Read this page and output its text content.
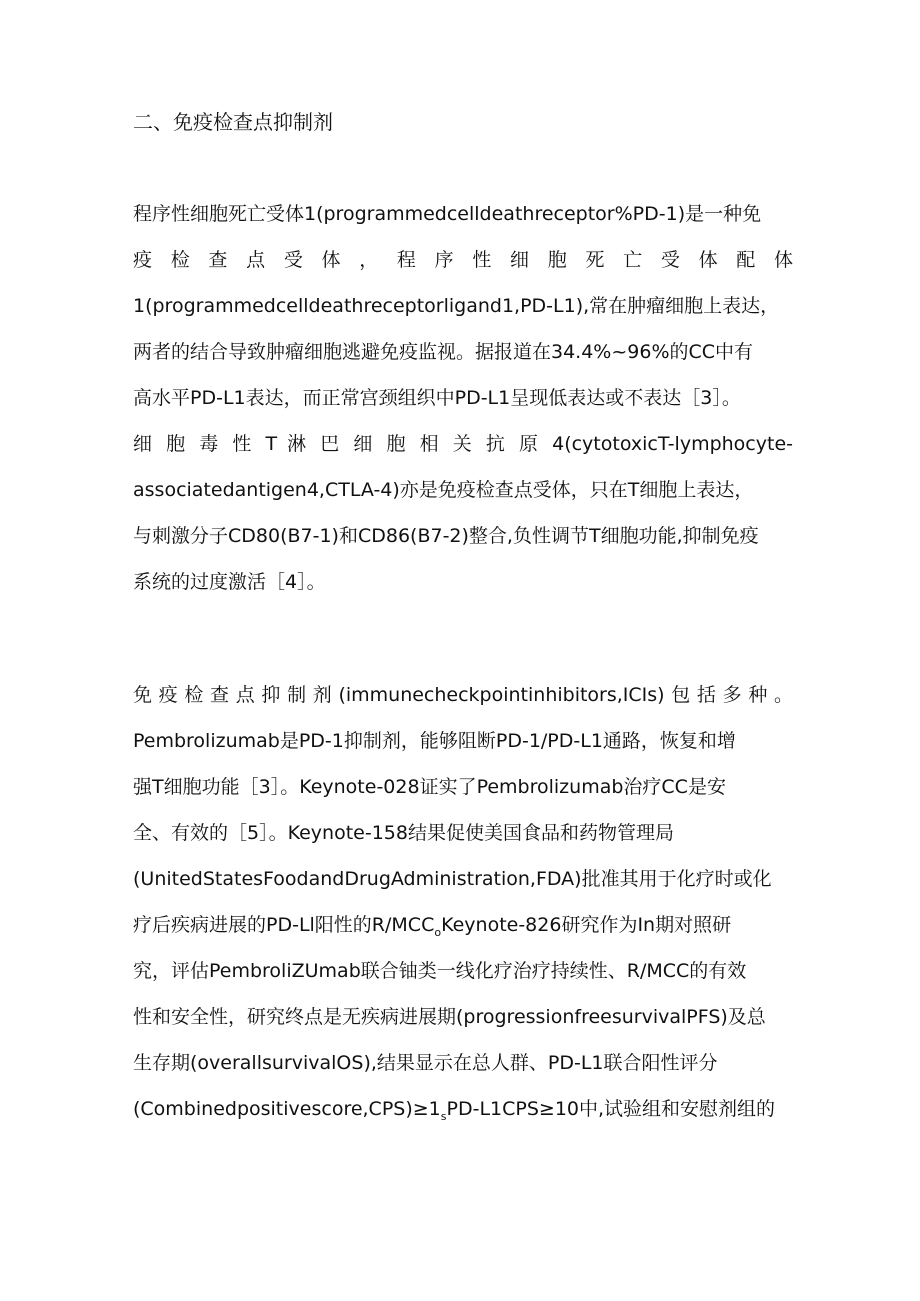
二、免疫检查点抑制剂
程序性细胞死亡受体1(programmedcelldeathreceptor%PD-1)是一种免
疫 检 查 点 受 体 ， 程 序 性 细 胞 死 亡 受 体 配 体
1(programmedcelldeathreceptorligand1,PD-L1),常在肿瘤细胞上表达，
两者的结合导致肿瘤细胞逃避免疫监视。据报道在34.4%~96%的CC中有
高水平PD-L1表达，而正常宫颈组织中PD-L1呈现低表达或不表达［3］。
细 胞 毒 性 T 淋 巴 细 胞 相 关 抗 原 4(cytotoxicT-lymphocyte-
associatedantigen4,CTLA-4)亦是免疫检查点受体，只在T细胞上表达，
与刺激分子CD80(B7-1)和CD86(B7-2)整合,负性调节T细胞功能,抑制免疫
系统的过度激活［4］。
免疫检查点抑制剂(immunecheckpointinhibitors,ICIs)包括多种。
Pembrolizumab是PD-1抑制剂，能够阻断PD-1/PD-L1通路，恢复和增
强T细胞功能［3］。Keynote-028证实了Pembrolizumab治疗CC是安
全、有效的［5］。Keynote-158结果促使美国食品和药物管理局
(UnitedStatesFoodandDrugAdministration,FDA)批准其用于化疗时或化
疗后疾病进展的PD-Ll阳性的$R/MCC_oKeynote-826$研究作为In期对照研
究，评估PembroliZUmab联合铀类一线化疗治疗持续性、R/MCC的有效
性和安全性，研究终点是无疾病进展期(progressionfreesurvivalPFS)及总
生存期(overallsurvivalOS),结果显示在总人群、PD-L1联合阳性评分
$(Combinedpositivescore,CPS)\ge 1_sPD-L1CPS\ge 10$中,试验组和安慰剂组的
